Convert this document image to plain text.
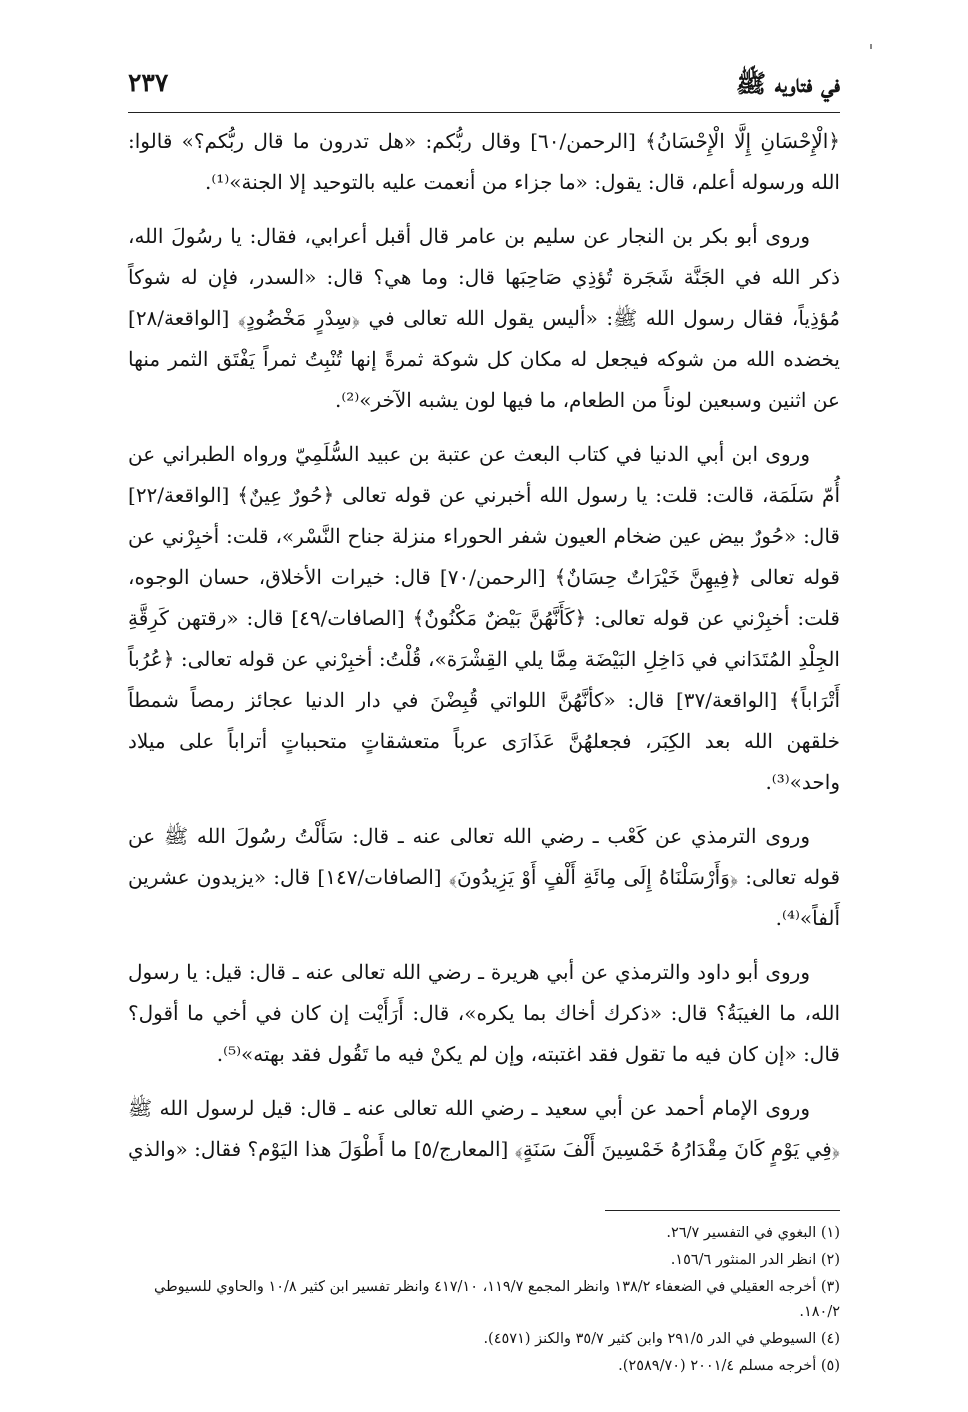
في فتاويه ﷺ
٢٣٧

﴿الْإِحْسَانِ إِلَّا الْإِحْسَانُ﴾ [الرحمن/٦٠] وقال ربُّكم: «هل تدرون ما قال ربُّكم؟» قالوا: الله ورسوله أعلم، قال: يقول: «ما جزاء من أنعمت عليه بالتوحيد إلا الجنة»⁽¹⁾.

وروى أبو بكر بن النجار عن سليم بن عامر قال أقبل أعرابي، فقال: يا رسُولَ الله، ذكر الله في الجَنَّة شَجَرة تُؤذِي صَاحِبَها قال: وما هي؟ قال: «السدر، فإن له شوكاً مُؤذِياً، فقال رسول الله ﷺ: «أليس يقول الله تعالى في ﴿سِدْرٍ مَخْضُودٍ﴾ [الواقعة/٢٨] يخضده الله من شوكه فيجعل له مكان كل شوكة ثمرةً إنها تُنْبِتُ ثمراً يَفْتَق الثمر منها عن اثنين وسبعين لوناً من الطعام، ما فيها لون يشبه الآخر»⁽²⁾.

وروى ابن أبي الدنيا في كتاب البعث عن عتبة بن عبيد السُّلَمِيّ ورواه الطبراني عن أُمّ سَلَمَة، قالت: قلت: يا رسول الله أخبرني عن قوله تعالى ﴿حُورٌ عِينٌ﴾ [الواقعة/٢٢] قال: «حُورٌ بيض عين ضخام العيون شفر الحوراء منزلة جناح النَّسْر»، قلت: أخبِرْني عن قوله تعالى ﴿فِيهِنَّ خَيْرَاتٌ حِسَانٌ﴾ [الرحمن/٧٠] قال: خيرات الأخلاق، حسان الوجوه، قلت: أخبِرْني عن قوله تعالى: ﴿كَأَنَّهُنَّ بَيْضٌ مَكْنُونٌ﴾ [الصافات/٤٩] قال: «رقتهن كَرِقَّةِ الجِلْدِ المُتَدَاني في دَاخِلِ البَيْضَة مِمَّا يلي القِشْرَة»، قُلْتُ: أخبِرْني عن قوله تعالى: ﴿عُرُباً أَتْرَاباً﴾ [الواقعة/٣٧] قال: «كأنَّهُنَّ اللواتي قُبِضْنَ في دار الدنيا عجائز رمصاً شمطاً خلقهن الله بعد الكِبَر، فجعلهُنَّ عَذَارَى عرباً متعشقاتٍ متحبباتٍ أتراباً على ميلاد واحد»⁽³⁾.

وروى الترمذي عن كَعْب ـ رضي الله تعالى عنه ـ قال: سَأَلْتُ رسُولَ الله ﷺ عن قوله تعالى: ﴿وَأَرْسَلْنَاهُ إِلَى مِائَةِ أَلْفٍ أَوْ يَزِيدُونَ﴾ [الصافات/١٤٧] قال: «يزيدون عشرين أَلفاً»⁽⁴⁾.

وروى أبو داود والترمذي عن أبي هريرة ـ رضي الله تعالى عنه ـ قال: قيل: يا رسول الله، ما الغيبَةُ؟ قال: «ذكرك أخاك بما يكره»، قال: أَرَأَيْت إن كان في أخي ما أقول؟ قال: «إن كان فيه ما تقول فقد اغتبته، وإن لم يكنْ فيه ما تَقُول فقد بهته»⁽⁵⁾.

وروى الإمام أحمد عن أبي سعيد ـ رضي الله تعالى عنه ـ قال: قيل لرسول الله ﷺ ﴿فِي يَوْمٍ كَانَ مِقْدَارُهُ خَمْسِينَ أَلْفَ سَنَةٍ﴾ [المعارج/٥] ما أَطْوَلَ هذا اليَوْم؟ فقال: «والذي

(١) البغوي في التفسير ٢٦/٧.

(٢) انظر الدر المنثور ١٥٦/٦.

(٣) أخرجه العقيلي في الضعفاء ١٣٨/٢ وانظر المجمع ١١٩/٧، ٤١٧/١٠ وانظر تفسير ابن كثير ١٠/٨ والحاوي للسيوطي ١٨٠/٢.

(٤) السيوطي في الدر ٢٩١/٥ وابن كثير ٣٥/٧ والكنز (٤٥٧١).

(٥) أخرجه مسلم ٢٠٠١/٤ (٢٥٨٩/٧٠).
